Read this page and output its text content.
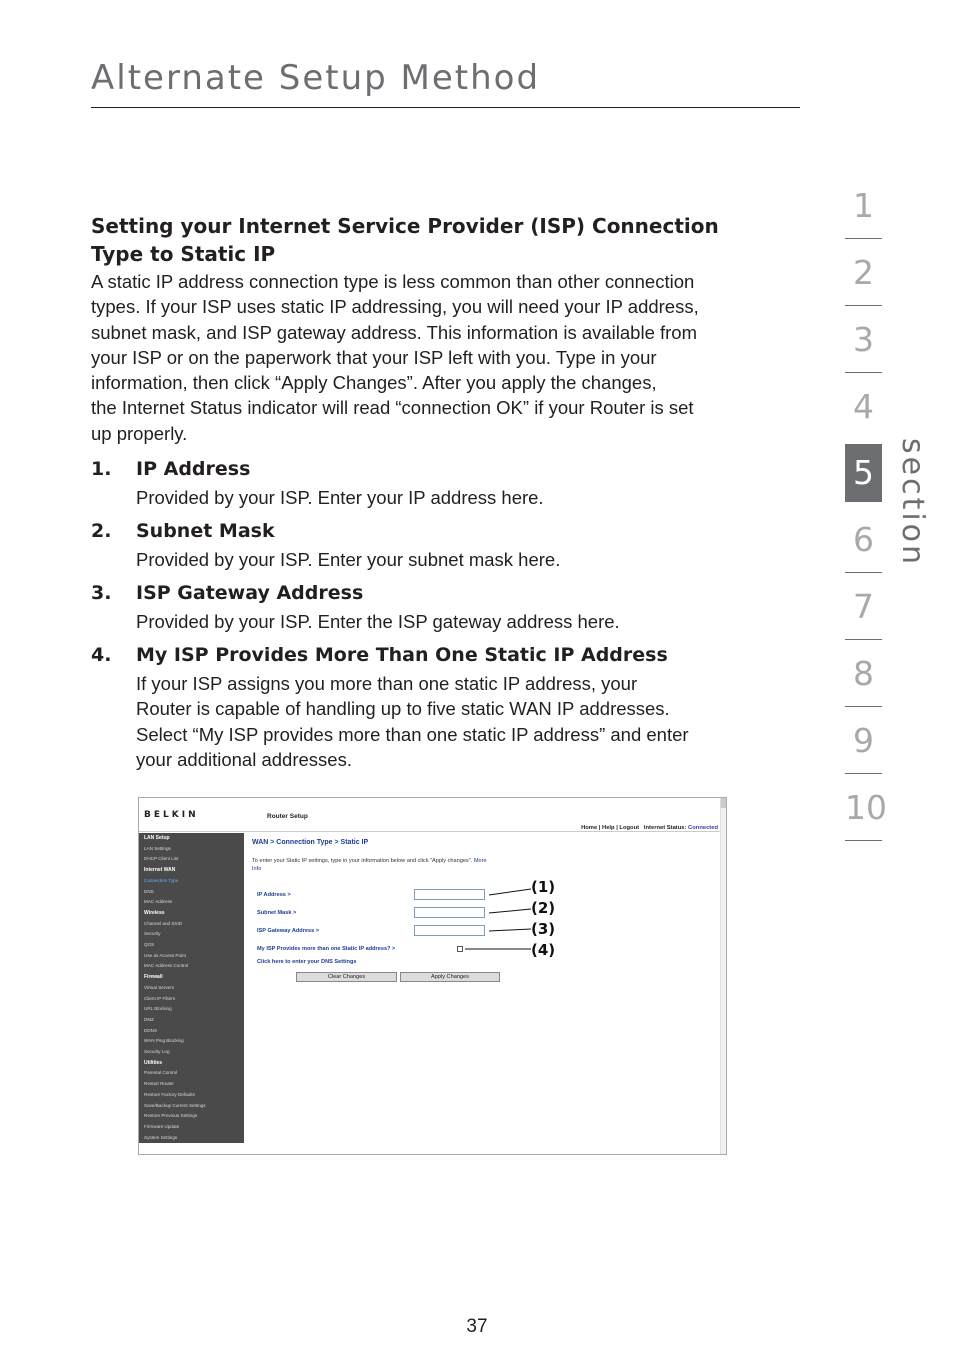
Alternate Setup Method
Setting your Internet Service Provider (ISP) Connection
Type to Static IP

A static IP address connection type is less common than other connection

types. If your ISP uses static IP addressing, you will need your IP address,

subnet mask, and ISP gateway address. This information is available from

your ISP or on the paperwork that your ISP left with you. Type in your

information, then click “Apply Changes”. After you apply the changes,

the Internet Status indicator will read “connection OK” if your Router is set

up properly.

1. IP Address

Provided by your ISP. Enter your IP address here.

2. Subnet Mask

Provided by your ISP. Enter your subnet mask here.

3. ISP Gateway Address

Provided by your ISP. Enter the ISP gateway address here.

4. My ISP Provides More Than One Static IP Address

If your ISP assigns you more than one static IP address, your

Router is capable of handling up to five static WAN IP addresses.

Select “My ISP provides more than one static IP address” and enter

your additional addresses.

1
2
3
4
5
6
7
8
9
10
section
BELKIN	Router Setup
Home | Help | Logout Internet Status: Connected
LAN Setup
LAN Settings
DHCP Client List
Internet WAN
Connection Type
DNS
MAC Address
Wireless
Channel and SSID
Security
QOS
Use as Access Point
MAC Address Control
Firewall
Virtual Servers
Client IP Filters
URL Blocking
DMZ
DDNS
WAN Ping Blocking
Security Log
Utilities
Parental Control
Restart Router
Restore Factory Defaults
Save/Backup Current Settings
Restore Previous Settings
Firmware Update
System Settings
WAN > Connection Type > Static IP
To enter your Static IP settings, type in your information below and click "Apply changes". More
Info
IP Address >
Subnet Mask >
ISP Gateway Address >
My ISP Provides more than one Static IP address? >
Click here to enter your DNS Settings
Clear Changes	Apply Changes
(1)
(2)
(3)
(4)
37
